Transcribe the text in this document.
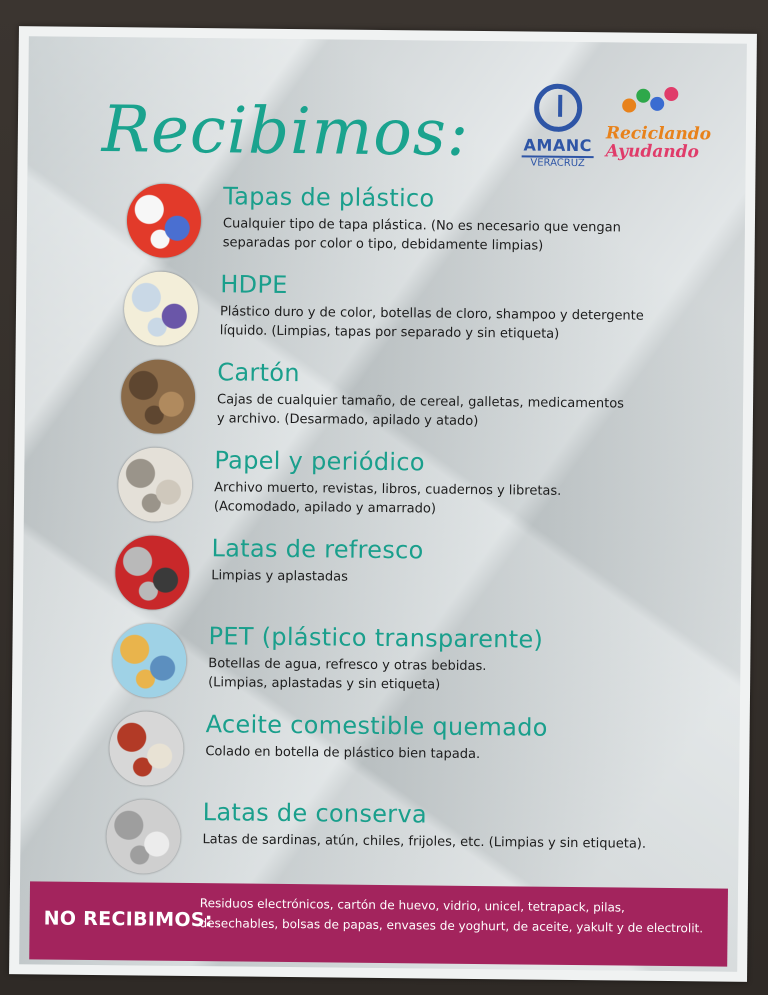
Recibimos:	AMANC
VERACRUZ
Reciclando
Ayudando
Tapas de plástico
Cualquier tipo de tapa plástica. (No es necesario que vengan
separadas por color o tipo, debidamente limpias)
HDPE
Plástico duro y de color, botellas de cloro, shampoo y detergente
líquido. (Limpias, tapas por separado y sin etiqueta)
Cartón
Cajas de cualquier tamaño, de cereal, galletas, medicamentos
y archivo. (Desarmado, apilado y atado)
Papel y periódico
Archivo muerto, revistas, libros, cuadernos y libretas.
(Acomodado, apilado y amarrado)
Latas de refresco
Limpias y aplastadas
PET (plástico transparente)
Botellas de agua, refresco y otras bebidas.
(Limpias, aplastadas y sin etiqueta)
Aceite comestible quemado
Colado en botella de plástico bien tapada.
Latas de conserva
Latas de sardinas, atún, chiles, frijoles, etc. (Limpias y sin etiqueta).
NO RECIBIMOS:
Residuos electrónicos, cartón de huevo, vidrio, unicel, tetrapack, pilas,
desechables, bolsas de papas, envases de yoghurt, de aceite, yakult y de electrolit.
